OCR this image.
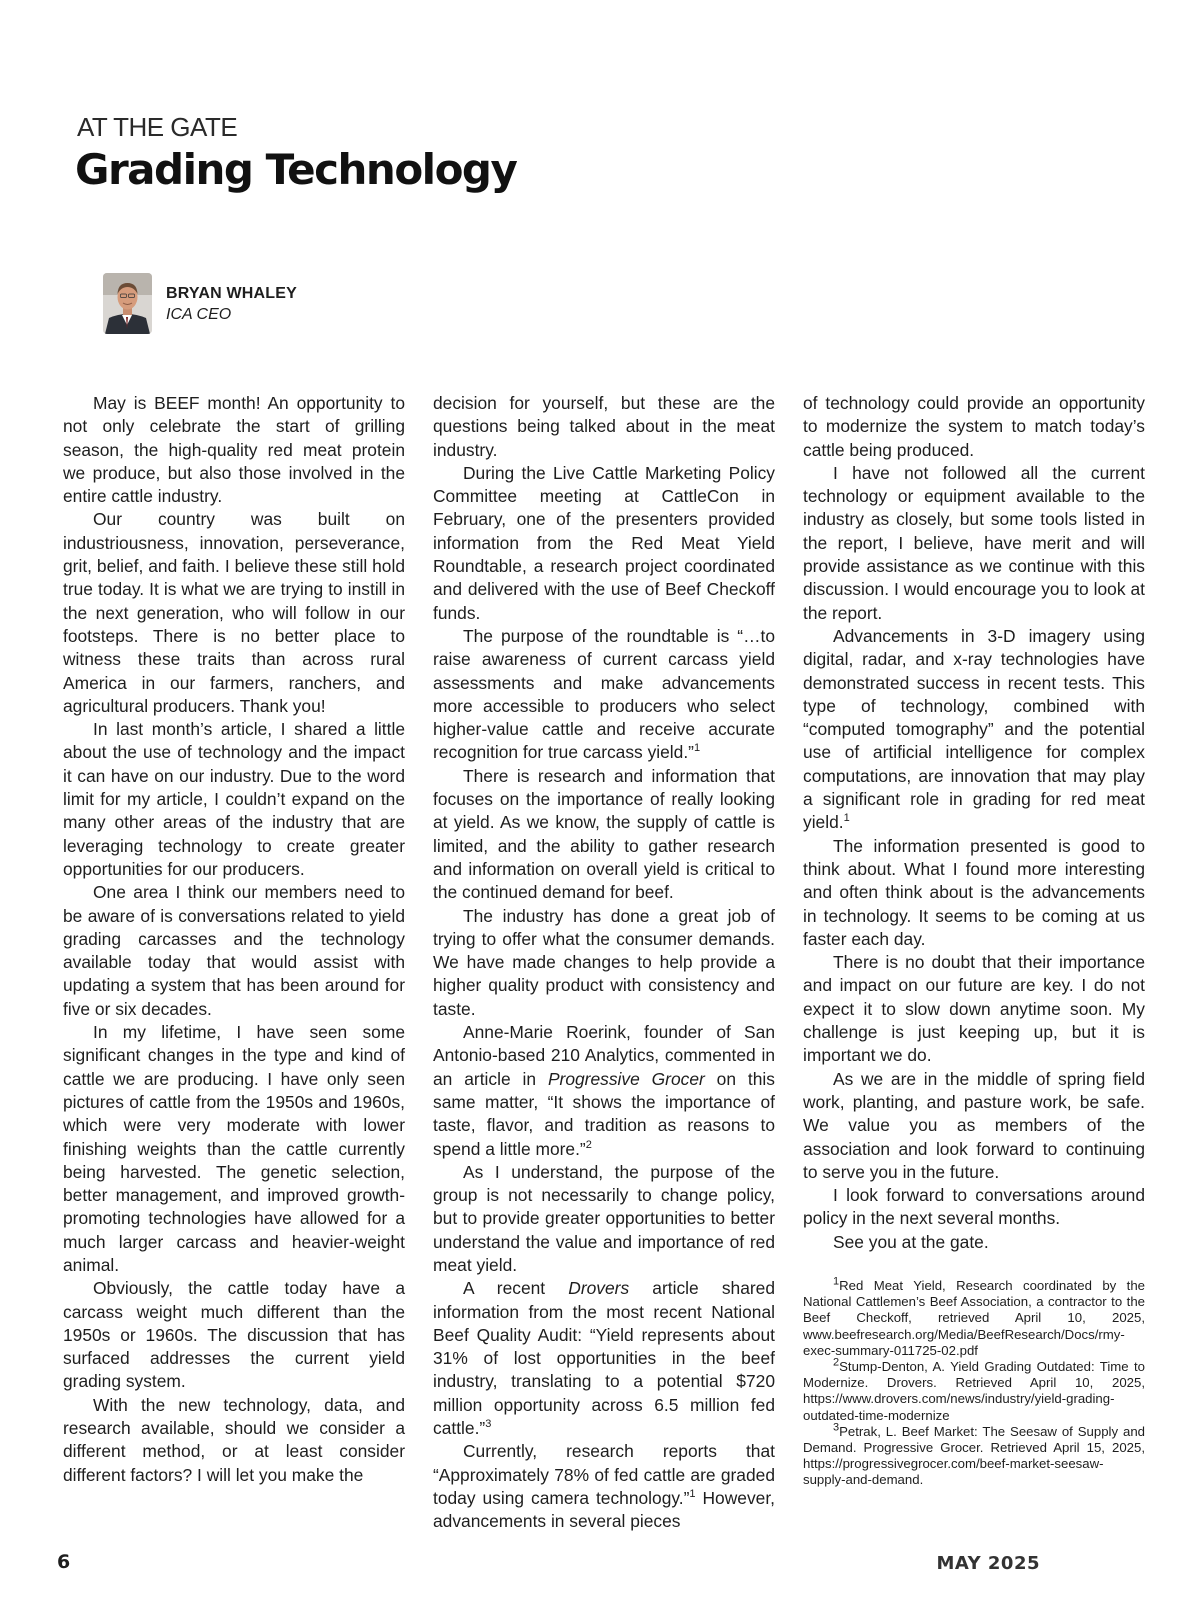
AT THE GATE
Grading Technology
BRYAN WHALEY
ICA CEO

May is BEEF month! An opportunity to not only celebrate the start of grilling season, the high-quality red meat protein we produce, but also those involved in the entire cattle industry.

Our country was built on industriousness, innovation, perseverance, grit, belief, and faith. I believe these still hold true today. It is what we are trying to instill in the next generation, who will follow in our footsteps. There is no better place to witness these traits than across rural America in our farmers, ranchers, and agricultural producers. Thank you!

In last month’s article, I shared a little about the use of technology and the impact it can have on our industry. Due to the word limit for my article, I couldn’t expand on the many other areas of the industry that are leveraging technology to create greater opportunities for our producers.

One area I think our members need to be aware of is conversations related to yield grading carcasses and the technology available today that would assist with updating a system that has been around for five or six decades.

In my lifetime, I have seen some significant changes in the type and kind of cattle we are producing. I have only seen pictures of cattle from the 1950s and 1960s, which were very moderate with lower finishing weights than the cattle currently being harvested. The genetic selection, better management, and improved growth-promoting technologies have allowed for a much larger carcass and heavier-weight animal.

Obviously, the cattle today have a carcass weight much different than the 1950s or 1960s. The discussion that has surfaced addresses the current yield grading system.

With the new technology, data, and research available, should we consider a different method, or at least consider different factors? I will let you make the

decision for yourself, but these are the questions being talked about in the meat industry.

During the Live Cattle Marketing Policy Committee meeting at CattleCon in February, one of the presenters provided information from the Red Meat Yield Roundtable, a research project coordinated and delivered with the use of Beef Checkoff funds.

The purpose of the roundtable is “…to raise awareness of current carcass yield assessments and make advancements more accessible to producers who select higher-value cattle and receive accurate recognition for true carcass yield.”$^1$

There is research and information that focuses on the importance of really looking at yield. As we know, the supply of cattle is limited, and the ability to gather research and information on overall yield is critical to the continued demand for beef.

The industry has done a great job of trying to offer what the consumer demands. We have made changes to help provide a higher quality product with consistency and taste.

Anne-Marie Roerink, founder of San Antonio-based 210 Analytics, commented in an article in Progressive Grocer on this same matter, “It shows the importance of taste, flavor, and tradition as reasons to spend a little more.”$^2$

As I understand, the purpose of the group is not necessarily to change policy, but to provide greater opportunities to better understand the value and importance of red meat yield.

A recent Drovers article shared information from the most recent National Beef Quality Audit: “Yield represents about 31% of lost opportunities in the beef industry, translating to a potential $720 million opportunity across 6.5 million fed cattle.”$^3$

Currently, research reports that “Approximately 78% of fed cattle are graded today using camera technology.”$^1$ However, advancements in several pieces

of technology could provide an opportunity to modernize the system to match today’s cattle being produced.

I have not followed all the current technology or equipment available to the industry as closely, but some tools listed in the report, I believe, have merit and will provide assistance as we continue with this discussion. I would encourage you to look at the report.

Advancements in 3-D imagery using digital, radar, and x-ray technologies have demonstrated success in recent tests. This type of technology, combined with “computed tomography” and the potential use of artificial intelligence for complex computations, are innovation that may play a significant role in grading for red meat yield.$^1$

The information presented is good to think about. What I found more interesting and often think about is the advancements in technology. It seems to be coming at us faster each day.

There is no doubt that their importance and impact on our future are key. I do not expect it to slow down anytime soon. My challenge is just keeping up, but it is important we do.

As we are in the middle of spring field work, planting, and pasture work, be safe. We value you as members of the association and look forward to continuing to serve you in the future.

I look forward to conversations around policy in the next several months.

See you at the gate.

$^1$Red Meat Yield, Research coordinated by the National Cattlemen’s Beef Association, a contractor to the Beef Checkoff, retrieved April 10, 2025, www.beefresearch.org/Media/BeefResearch/Docs/rmy-exec-summary-011725-02.pdf

$^2$Stump-Denton, A. Yield Grading Outdated: Time to Modernize. Drovers. Retrieved April 10, 2025, https://www.drovers.com/news/industry/yield-grading-outdated-time-modernize

$^3$Petrak, L. Beef Market: The Seesaw of Supply and Demand. Progressive Grocer. Retrieved April 15, 2025, https://progressivegrocer.com/beef-market-seesaw-supply-and-demand.

6	MAY 2025
